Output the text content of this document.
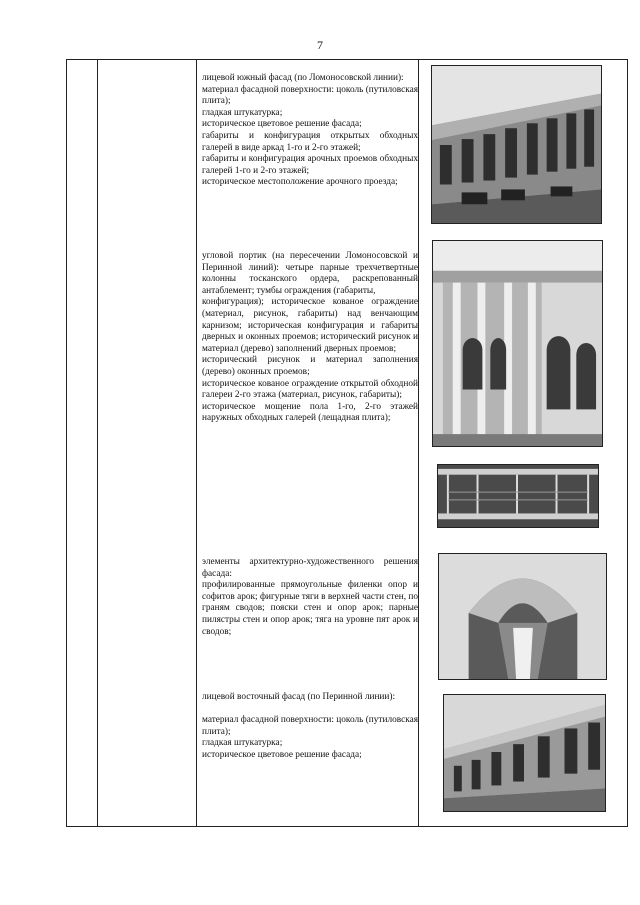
7

лицевой южный фасад (по Ломоносовской линии):

материал фасадной поверхности: цоколь (путиловская плита);

гладкая штукатурка;

историческое цветовое решение фасада;

габариты и конфигурация открытых обходных галерей в виде аркад 1-го и 2-го этажей;

габариты и конфигурация арочных проемов обходных галерей 1-го и 2-го этажей;

историческое местоположение арочного проезда;

угловой портик (на пересечении Ломоносовской и Перинной линий): четыре парные трехчетвертные колонны тосканского ордера, раскрепованный антаблемент; тумбы ограждения (габариты,

конфигурация); историческое кованое ограждение (материал, рисунок, габариты) над венчающим карнизом; историческая конфигурация и габариты дверных и оконных проемов; исторический рисунок и материал (дерево) заполнений дверных проемов;

исторический рисунок и материал заполнения (дерево) оконных проемов;

историческое кованое ограждение открытой обходной галереи 2-го этажа (материал, рисунок, габариты);

историческое мощение пола 1-го, 2-го этажей наружных обходных галерей (лещадная плита);

элементы архитектурно-художественного решения фасада:

профилированные прямоугольные филенки опор и софитов арок; фигурные тяги в верхней части стен, по граням сводов; пояски стен и опор арок; парные пилястры стен и опор арок; тяга на уровне пят арок и сводов;

лицевой восточный фасад (по Перинной линии):

материал фасадной поверхности: цоколь (путиловская плита);

гладкая штукатурка;

историческое цветовое решение фасада;
